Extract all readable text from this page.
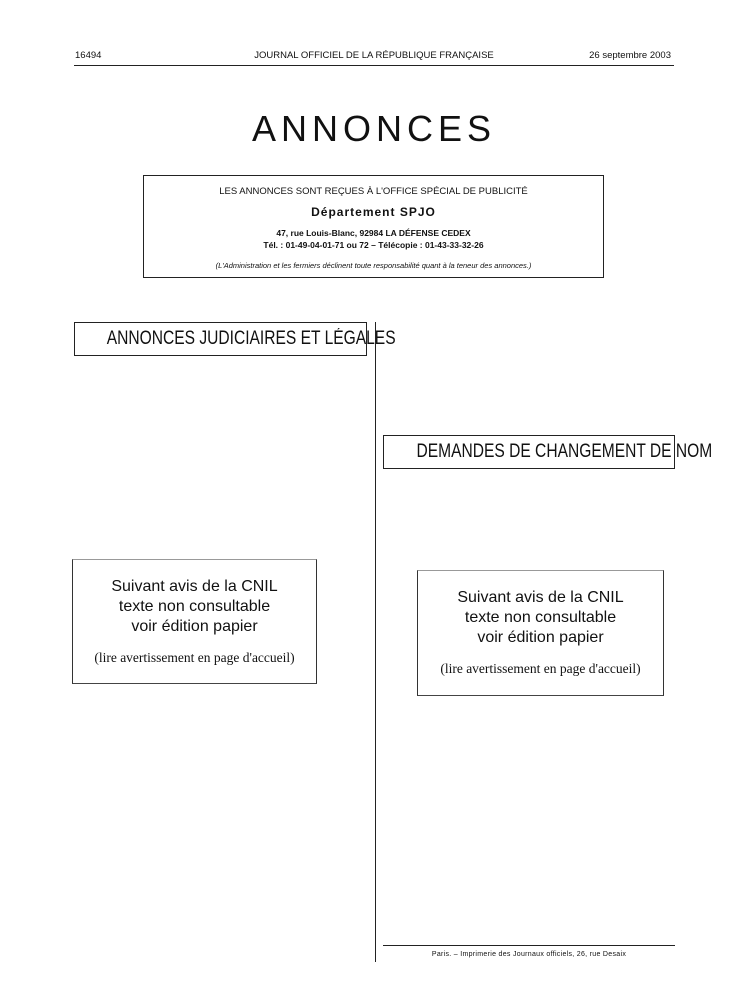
16494	JOURNAL OFFICIEL DE LA RÉPUBLIQUE FRANÇAISE	26 septembre 2003
ANNONCES
LES ANNONCES SONT REÇUES À L'OFFICE SPÉCIAL DE PUBLICITÉ
Département SPJO
47, rue Louis-Blanc, 92984 LA DÉFENSE CEDEX
Tél. : 01-49-04-01-71 ou 72 – Télécopie : 01-43-33-32-26
(L'Administration et les fermiers déclinent toute responsabilité quant à la teneur des annonces.)
ANNONCES JUDICIAIRES ET LÉGALES
DEMANDES DE CHANGEMENT DE NOM
Suivant avis de la CNIL
texte non consultable
voir édition papier
(lire avertissement en page d'accueil)
Suivant avis de la CNIL
texte non consultable
voir édition papier
(lire avertissement en page d'accueil)
Paris. – Imprimerie des Journaux officiels, 26, rue Desaix
